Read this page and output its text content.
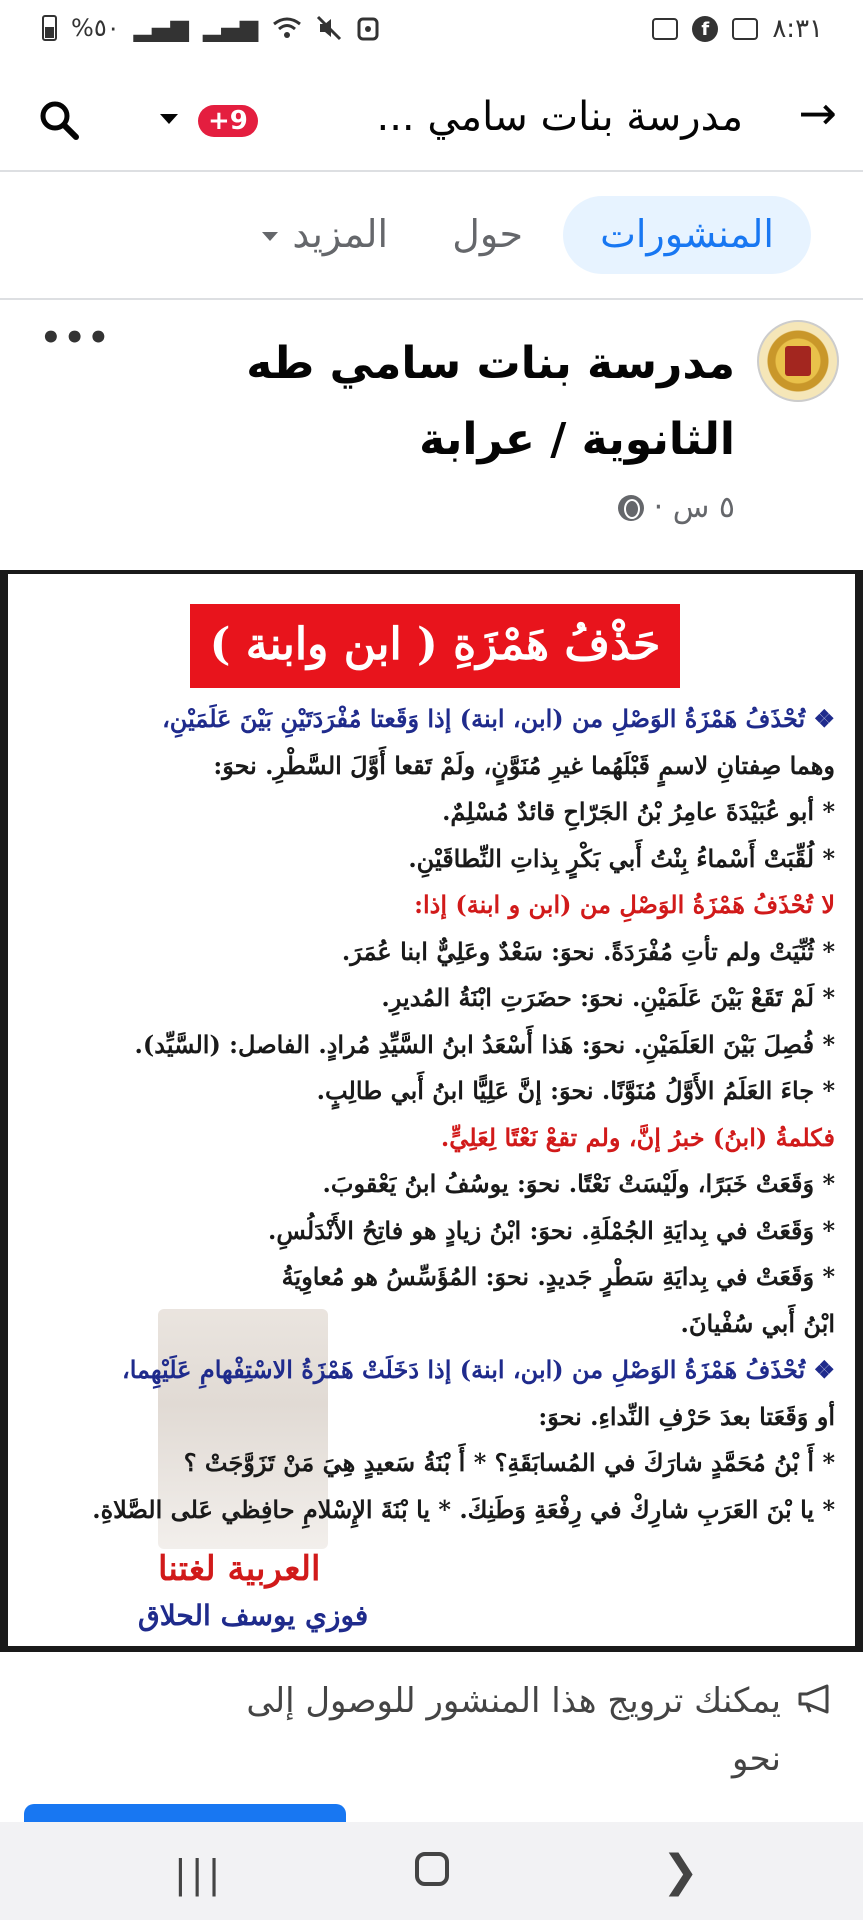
%٥٠ ▂▄▆ ▂▄▆	f	٨:٣١
→
مدرسة بنات سامي ...
+9
المنشورات
حول
المزيد
مدرسة بنات سامي طه الثانوية / عرابة
•••
٥ س ·
حَذْفُ هَمْزَةِ ( ابن وابنة )
❖ تُحْذَفُ هَمْزَةُ الوَصْلِ من (ابن، ابنة) إذا وَقَعتا مُفْرَدَتَيْنِ بَيْنَ عَلَمَيْنِ،
وهما صِفتانِ لاسمٍ قَبْلَهُما غيرِ مُنَوَّنٍ، ولَمْ تَقعا أَوَّلَ السَّطْرِ. نحوَ:
* أبو عُبَيْدَةَ عامِرُ بْنُ الجَرّاحِ قائدٌ مُسْلِمٌ.
* لُقِّبَتْ أَسْماءُ بِنْتُ أَبي بَكْرٍ بِذاتِ النِّطاقَيْنِ.
لا تُحْذَفُ هَمْزَةُ الوَصْلِ من (ابن و ابنة) إذا:
* ثُنِّيَتْ ولم تأتِ مُفْرَدَةً. نحوَ: سَعْدٌ وعَلِيٌّ ابنا عُمَرَ.
* لَمْ تَقَعْ بَيْنَ عَلَمَيْنِ. نحوَ: حضَرَتِ ابْنَةُ المُديرِ.
* فُصِلَ بَيْنَ العَلَمَيْنِ. نحوَ: هَذا أَسْعَدُ ابنُ السَّيِّدِ مُرادٍ. الفاصل: (السَّيِّد).
* جاءَ العَلَمُ الأَوَّلُ مُنَوَّنًا. نحوَ: إنَّ عَلِيًّا ابنُ أَبي طالِبٍ.
فكلمةُ (ابنُ) خبرُ إنَّ، ولم تقعْ نَعْتًا لِعَلِيٍّ.
* وَقَعَتْ خَبَرًا، ولَيْسَتْ نَعْتًا. نحوَ: يوسُفُ ابنُ يَعْقوبَ.
* وَقَعَتْ في بِدايَةِ الجُمْلَةِ. نحوَ: ابْنُ زيادٍ هو فاتِحُ الأَنْدَلُسِ.
* وَقَعَتْ في بِدايَةِ سَطْرٍ جَديدٍ. نحوَ: المُؤَسِّسُ هو مُعاوِيَةُ
ابْنُ أَبي سُفْيانَ.
❖ تُحْذَفُ هَمْزَةُ الوَصْلِ من (ابن، ابنة) إذا دَخَلَتْ هَمْزَةُ الاسْتِفْهامِ عَلَيْهِما،
أو وَقَعَتا بعدَ حَرْفِ النِّداءِ. نحوَ:
* أَ بْنُ مُحَمَّدٍ شارَكَ في المُسابَقَةِ؟ * أَ بْنَةُ سَعيدٍ هِيَ مَنْ تَزَوَّجَتْ ؟
* يا بْنَ العَرَبِ شارِكْ في رِفْعَةِ وَطَنِكَ. * يا بْنَةَ الإِسْلامِ حافِظي عَلى الصَّلاةِ.
العربية لغتنا
فوزي يوسف الحلاق
يمكنك ترويج هذا المنشور للوصول إلى نحو
|||	❯
